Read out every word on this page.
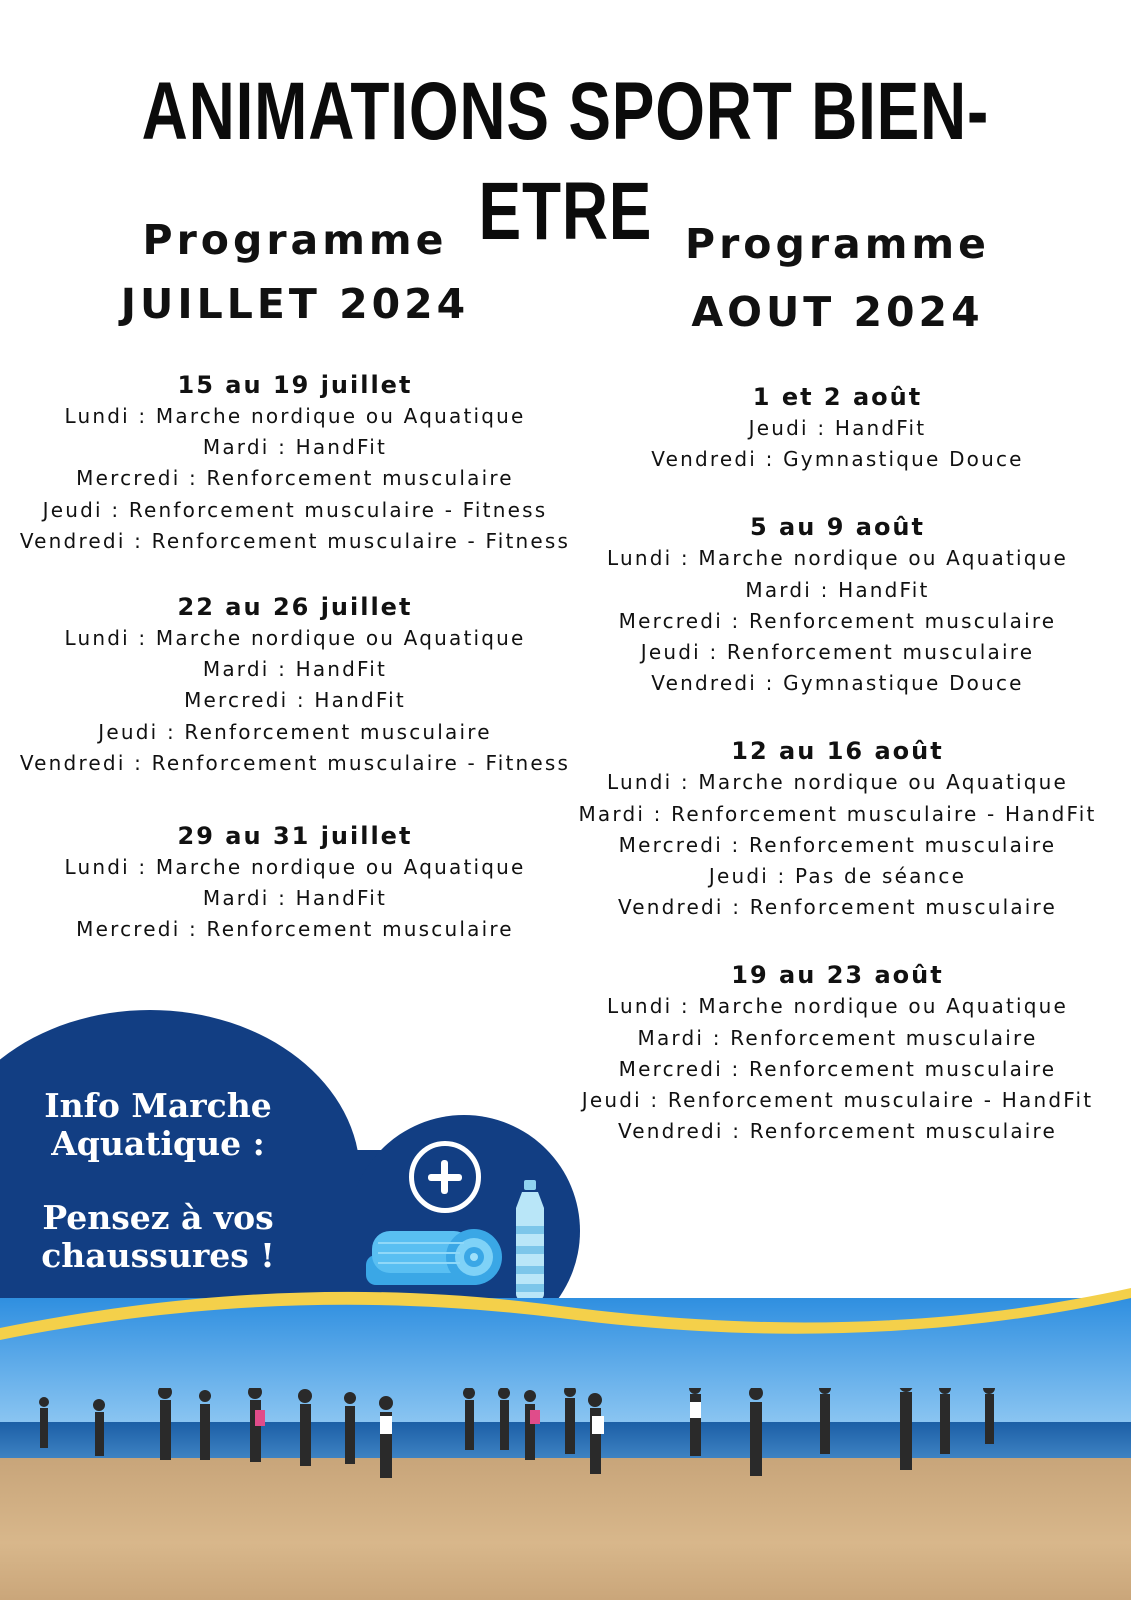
ANIMATIONS SPORT BIEN-ETRE

Programme

JUILLET 2024

15 au 19 juillet

Lundi : Marche nordique ou Aquatique

Mardi : HandFit

Mercredi : Renforcement musculaire

Jeudi : Renforcement musculaire - Fitness

Vendredi : Renforcement musculaire - Fitness

22 au 26 juillet

Lundi : Marche nordique ou Aquatique

Mardi : HandFit

Mercredi : HandFit

Jeudi : Renforcement musculaire

Vendredi : Renforcement musculaire - Fitness

29 au 31 juillet

Lundi : Marche nordique ou Aquatique

Mardi : HandFit

Mercredi : Renforcement musculaire

Programme

AOUT 2024

1 et 2 août

Jeudi : HandFit

Vendredi : Gymnastique Douce

5 au 9 août

Lundi : Marche nordique ou Aquatique

Mardi : HandFit

Mercredi : Renforcement musculaire

Jeudi : Renforcement musculaire

Vendredi : Gymnastique Douce

12 au 16 août

Lundi : Marche nordique ou Aquatique

Mardi : Renforcement musculaire - HandFit

Mercredi : Renforcement musculaire

Jeudi : Pas de séance

Vendredi : Renforcement musculaire

19 au 23 août

Lundi : Marche nordique ou Aquatique

Mardi : Renforcement musculaire

Mercredi : Renforcement musculaire

Jeudi : Renforcement musculaire - HandFit

Vendredi : Renforcement musculaire

Info Marche
Aquatique :
Pensez à vos
chaussures !
